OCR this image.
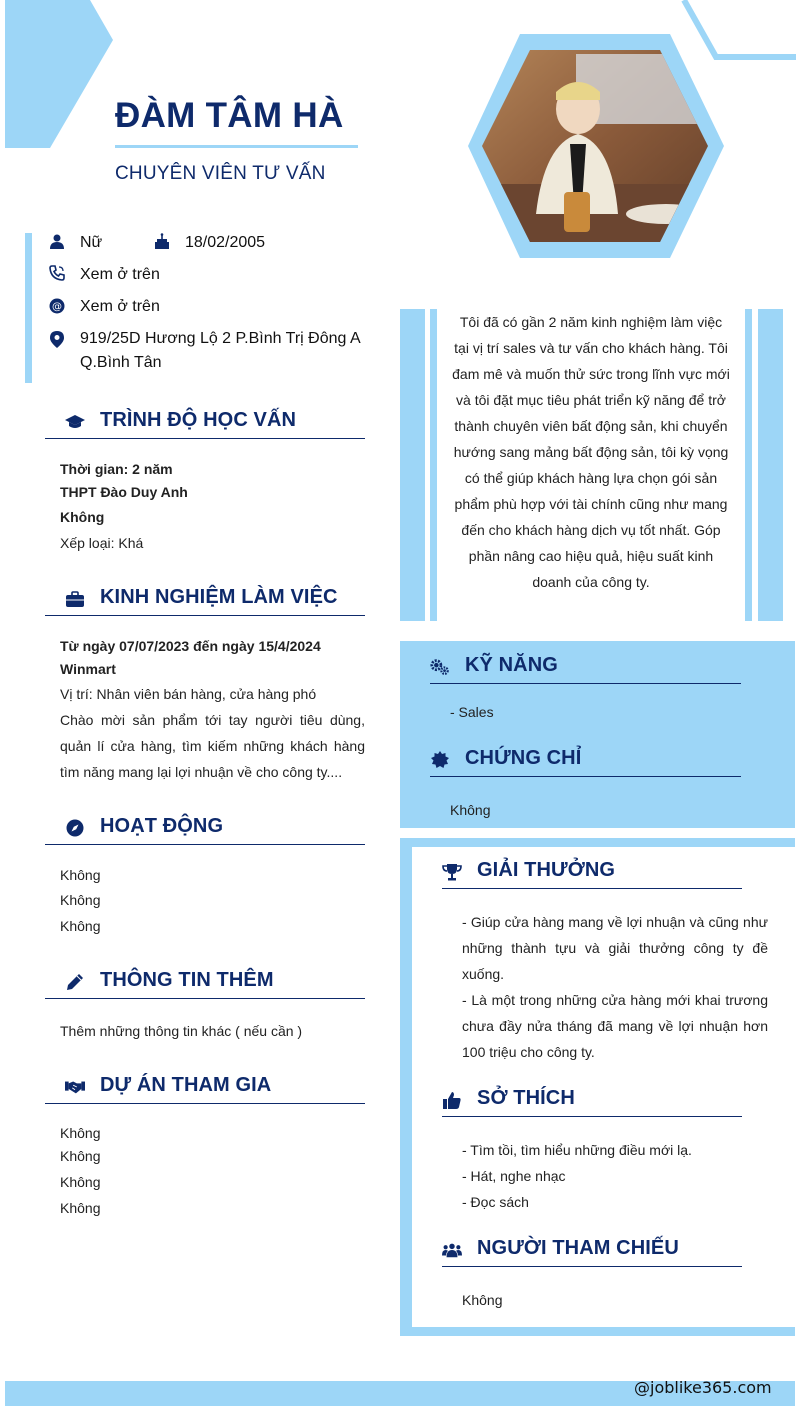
ĐÀM TÂM HÀ
CHUYÊN VIÊN TƯ VẤN
Nữ	18/02/2005
Xem ở trên
@ Xem ở trên
919/25D Hương Lộ 2 P.Bình Trị Đông A
Q.Bình Tân
TRÌNH ĐỘ HỌC VẤN
Thời gian: 2 năm
THPT Đào Duy Anh
Không
Xếp loại: Khá
KINH NGHIỆM LÀM VIỆC
Từ ngày 07/07/2023 đến ngày 15/4/2024
Winmart
Vị trí: Nhân viên bán hàng, cửa hàng phó
Chào mời sản phẩm tới tay người tiêu dùng, quản lí cửa hàng, tìm kiếm những khách hàng tìm năng mang lại lợi nhuận về cho công ty....
HOẠT ĐỘNG
Không
Không
Không
THÔNG TIN THÊM
Thêm những thông tin khác ( nếu cần )
DỰ ÁN THAM GIA
Không
Không
Không
Không
Tôi đã có gần 2 năm kinh nghiệm làm việc tại vị trí sales và tư vấn cho khách hàng. Tôi đam mê và muốn thử sức trong lĩnh vực mới và tôi đặt mục tiêu phát triển kỹ năng để trở thành chuyên viên bất động sản, khi chuyển hướng sang mảng bất động sản, tôi kỳ vọng có thể giúp khách hàng lựa chọn gói sản phẩm phù hợp với tài chính cũng như mang đến cho khách hàng dịch vụ tốt nhất. Góp phần nâng cao hiệu quả, hiệu suất kinh doanh của công ty.
KỸ NĂNG
- Sales
CHỨNG CHỈ
Không
GIẢI THƯỞNG
- Giúp cửa hàng mang về lợi nhuận và cũng như những thành tựu và giải thưởng công ty đề xuống.
- Là một trong những cửa hàng mới khai trương chưa đầy nửa tháng đã mang về lợi nhuận hơn 100 triệu cho công ty.
SỞ THÍCH
- Tìm tồi, tìm hiểu những điều mới lạ.
- Hát, nghe nhạc
- Đọc sách
NGƯỜI THAM CHIẾU
Không
@joblike365.com
